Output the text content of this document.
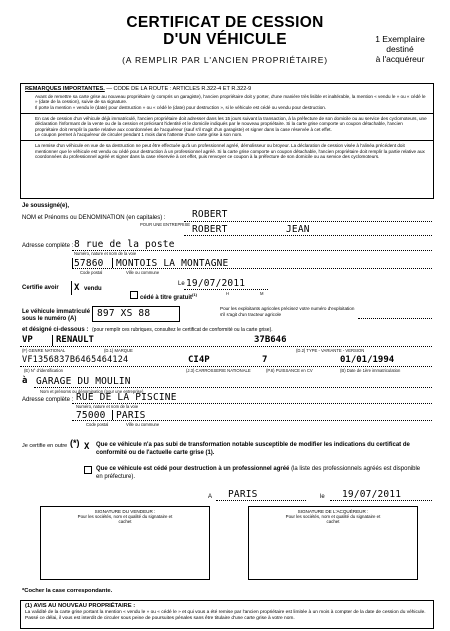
CERTIFICAT DE CESSION
D'UN VÉHICULE
(A REMPLIR PAR L'ANCIEN PROPRIÉTAIRE)
1 Exemplaire
destiné
à l'acquéreur
REMARQUES IMPORTANTES. — CODE DE LA ROUTE : ARTICLES R.322-4 ET R.322-9
Avant de remettre sa carte grise au nouveau propriétaire (y compris un garagiste), l'ancien propriétaire doit y porter, d'une manière très lisible et inaltérable, la mention « vendu le » ou « cédé le » (date de la cession), suivie de sa signature.
Il porte la mention « vendu le (date) pour destruction » ou « cédé le (date) pour destruction », si le véhicule est cédé ou vendu pour destruction.
En cas de cession d'un véhicule déjà immatriculé, l'ancien propriétaire doit adresser dans les 15 jours suivant la transaction, à la préfecture de son domicile ou au service des cyclomoteurs, une déclaration l'informant de la vente ou de la cession et précisant l'identité et le domicile indiqués par le nouveau propriétaire. Si la carte grise comporte un coupon détachable, l'ancien propriétaire doit remplir la partie relative aux coordonnées de l'acquéreur (sauf s'il s'agit d'un garagiste) et signer dans la case réservée à cet effet.
Le coupon permet à l'acquéreur de circuler pendant 1 mois dans l'attente d'une carte grise à son nom.
La remise d'un véhicule en vue de sa destruction ne peut être effectuée qu'à un professionnel agréé, démolisseur ou broyeur. La déclaration de cession visée à l'alinéa précédent doit mentionner que le véhicule est vendu ou cédé pour destruction à un professionnel agréé. Si la carte grise comporte un coupon détachable, l'ancien propriétaire doit remplir la partie relative aux coordonnées du professionnel agréé et signer dans la case réservée à cet effet, puis renvoyer ce coupon à la préfecture de son domicile ou au service des cyclomoteurs.
Je soussigné(e),
NOM et Prénoms ou DENOMINATION (en capitales) :
POUR UNE ENTREPRISE
ROBERT
ROBERT	JEAN
Adresse complète : 8 rue de la poste
Numéro, nature et nom de la voie
57860 MONTOIS LA MONTAGNE
Code postal	Ville ou commune
Certifie avoir X vendu
Le 19/07/2011
H	M
cédé à titre gratuit$^{(1)}$
Le véhicule immatriculé
sous le numéro (A) 897 XS 88	Pour les exploitants agricoles précisez votre numéro d'exploitation s'il s'agit d'un tracteur agricole
et désigné ci-dessous : (pour remplir ces rubriques, consultez le certificat de conformité ou la carte grise).
VP	RENAULT	37B646
(F) GENRE NATIONAL	(D.1) MARQUE	(D.2) TYPE - VARIANTE - VERSION
VF1356837B6465464124	CI4P	7	01/01/1994
(E) N° d'identification	(J.3) CARROSSERIE NATIONALE	(P.6) PUISSANCE en CV	(B) Date de 1ère immatriculation
à GARAGE DU MOULIN
Nom et prénoms ou dénomination (pour une entreprise)
Adresse complète : RUE DE LA PISCINE
Numéro, nature et nom de la voie
75000 PARIS
Code postal	Ville ou commune
Je certifie en outre (*) X Que ce véhicule n'a pas subi de transformation notable susceptible de modifier les indications du certificat de conformité ou de l'actuelle carte grise (1).
Que ce véhicule est cédé pour destruction à un professionnel agréé (la liste des professionnels agréés est disponible en préfecture).
A PARIS	le 19/07/2011
SIGNATURE DU VENDEUR :
Pour les sociétés, nom et qualité du signataire et cachet
SIGNATURE DE L'ACQUÉREUR :
Pour les sociétés, nom et qualité du signataire et cachet
*Cocher la case correspondante.
(1) AVIS AU NOUVEAU PROPRIÉTAIRE :
La validité de la carte grise portant la mention « vendu le » ou « cédé le » et qui vous a été remise par l'ancien propriétaire est limitée à un mois à compter de la date de cession du véhicule. Passé ce délai, il vous est interdit de circuler sous peine de poursuites pénales sans être titulaire d'une carte grise à votre nom.
